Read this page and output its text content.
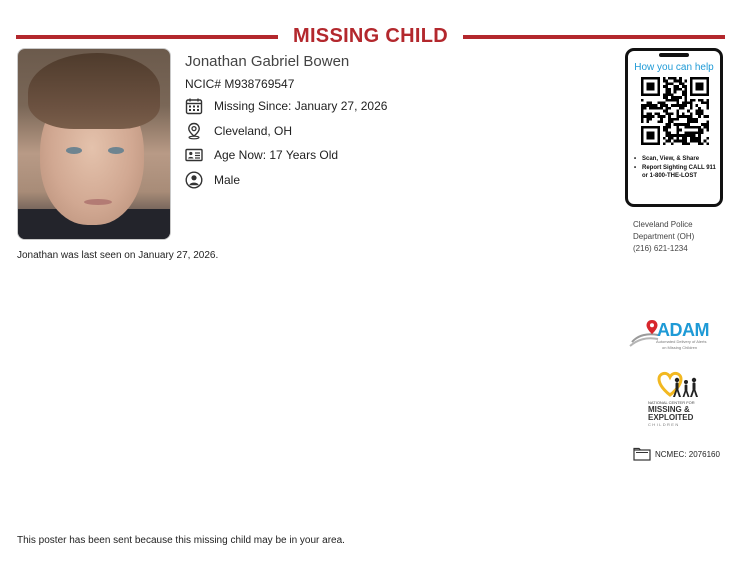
MISSING CHILD
Jonathan Gabriel Bowen
NCIC# M938769547
Missing Since: January 27, 2026
Cleveland, OH
Age Now: 17 Years Old
Male
Jonathan was last seen on January 27, 2026.
How you can help
• Scan, View, & Share
• Report Sighting CALL 911 or 1-800-THE-LOST
Cleveland Police
Department (OH)
(216) 621-1234
ADAM
Automated Delivery of Alerts
on Missing Children
NATIONAL CENTER FOR
MISSING &
EXPLOITED
CHILDREN
NCMEC: 2076160
This poster has been sent because this missing child may be in your area.
